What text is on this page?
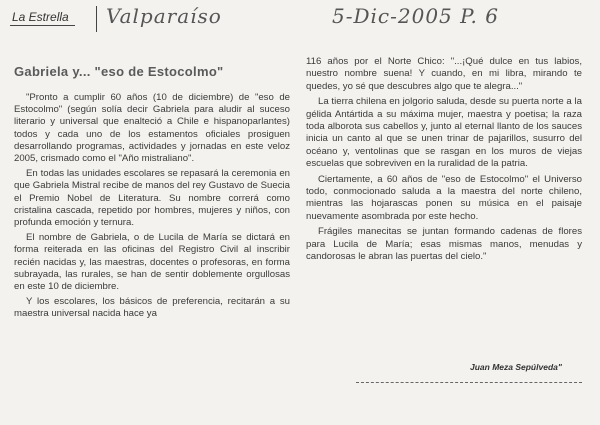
La Estrella	Valparaíso	5-Dic-2005 P. 6
Gabriela y... "eso de Estocolmo"

"Pronto a cumplir 60 años (10 de diciembre) de "eso de Estocolmo" (según solía decir Gabriela para aludir al suceso literario y universal que enalteció a Chile e hispanoparlantes) todos y cada uno de los estamentos oficiales prosiguen desarrollando programas, actividades y jornadas en este veloz 2005, crismado como el "Año mistraliano".

En todas las unidades escolares se repasará la ceremonia en que Gabriela Mistral recibe de manos del rey Gustavo de Suecia el Premio Nobel de Literatura. Su nombre correrá como cristalina cascada, repetido por hombres, mujeres y niños, con profunda emoción y ternura.

El nombre de Gabriela, o de Lucila de María se dictará en forma reiterada en las oficinas del Registro Civil al inscribir recién nacidas y, las maestras, docentes o profesoras, en forma subrayada, las rurales, se han de sentir doblemente orgullosas en este 10 de diciembre.

Y los escolares, los básicos de preferencia, recitarán a su maestra universal nacida hace ya

116 años por el Norte Chico: "...¡Qué dulce en tus labios, nuestro nombre suena! Y cuando, en mi libra, mirando te quedes, yo sé que descubres algo que te alegra..."

La tierra chilena en jolgorio saluda, desde su puerta norte a la gélida Antártida a su máxima mujer, maestra y poetisa; la raza toda alborota sus cabellos y, junto al eternal llanto de los sauces inicia un canto al que se unen trinar de pajarillos, susurro del océano y, ventolinas que se rasgan en los muros de viejas escuelas que sobreviven en la ruralidad de la patria.

Ciertamente, a 60 años de "eso de Estocolmo" el Universo todo, conmocionado saluda a la maestra del norte chileno, mientras las hojarascas ponen su música en el paisaje nuevamente asombrada por este hecho.

Frágiles manecitas se juntan formando cadenas de flores para Lucila de María; esas mismas manos, menudas y candorosas le abran las puertas del cielo."

Juan Meza Sepúlveda"
